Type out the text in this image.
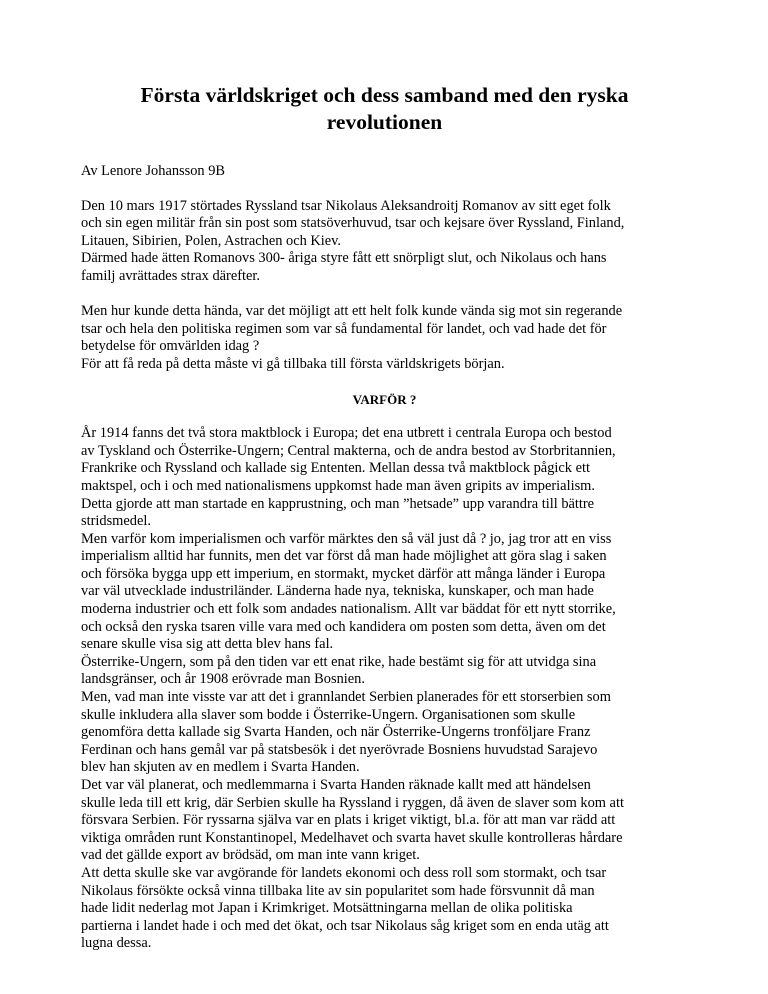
Första världskriget och dess samband med den ryska
revolutionen

Av Lenore Johansson 9B

Den 10 mars 1917 störtades Ryssland tsar Nikolaus Aleksandroitj Romanov av sitt eget folk
och sin egen militär från sin post som statsöverhuvud, tsar och kejsare över Ryssland, Finland,
Litauen, Sibirien, Polen, Astrachen och Kiev.
Därmed hade ätten Romanovs 300- åriga styre fått ett snörpligt slut, och Nikolaus och hans
familj avrättades strax därefter.

Men hur kunde detta hända, var det möjligt att ett helt folk kunde vända sig mot sin regerande
tsar och hela den politiska regimen som var så fundamental för landet, och vad hade det för
betydelse för omvärlden idag ?
För att få reda på detta måste vi gå tillbaka till första världskrigets början.

VARFÖR ?

År 1914 fanns det två stora maktblock i Europa; det ena utbrett i centrala Europa och bestod
av Tyskland och Österrike-Ungern; Central makterna, och de andra bestod av Storbritannien,
Frankrike och Ryssland och kallade sig Ententen. Mellan dessa två maktblock pågick ett
maktspel, och i och med nationalismens uppkomst hade man även gripits av imperialism.
Detta gjorde att man startade en kapprustning, och man ”hetsade” upp varandra till bättre
stridsmedel.
Men varför kom imperialismen och varför märktes den så väl just då ? jo, jag tror att en viss
imperialism alltid har funnits, men det var först då man hade möjlighet att göra slag i saken
och försöka bygga upp ett imperium, en stormakt, mycket därför att många länder i Europa
var väl utvecklade industriländer. Länderna hade nya, tekniska, kunskaper, och man hade
moderna industrier och ett folk som andades nationalism. Allt var bäddat för ett nytt storrike,
och också den ryska tsaren ville vara med och kandidera om posten som detta, även om det
senare skulle visa sig att detta blev hans fal.
Österrike-Ungern, som på den tiden var ett enat rike, hade bestämt sig för att utvidga sina
landsgränser, och år 1908 erövrade man Bosnien.
Men, vad man inte visste var att det i grannlandet Serbien planerades för ett storserbien som
skulle inkludera alla slaver som bodde i Österrike-Ungern. Organisationen som skulle
genomföra detta kallade sig Svarta Handen, och när Österrike-Ungerns tronföljare Franz
Ferdinan och hans gemål var på statsbesök i det nyerövrade Bosniens huvudstad Sarajevo
blev han skjuten av en medlem i Svarta Handen.
Det var väl planerat, och medlemmarna i Svarta Handen räknade kallt med att händelsen
skulle leda till ett krig, där Serbien skulle ha Ryssland i ryggen, då även de slaver som kom att
försvara Serbien. För ryssarna själva var en plats i kriget viktigt, bl.a. för att man var rädd att
viktiga områden runt Konstantinopel, Medelhavet och svarta havet skulle kontrolleras hårdare
vad det gällde export av brödsäd, om man inte vann kriget.
Att detta skulle ske var avgörande för landets ekonomi och dess roll som stormakt, och tsar
Nikolaus försökte också vinna tillbaka lite av sin popularitet som hade försvunnit då man
hade lidit nederlag mot Japan i Krimkriget. Motsättningarna mellan de olika politiska
partierna i landet hade i och med det ökat, och tsar Nikolaus såg kriget som en enda utäg att
lugna dessa.
